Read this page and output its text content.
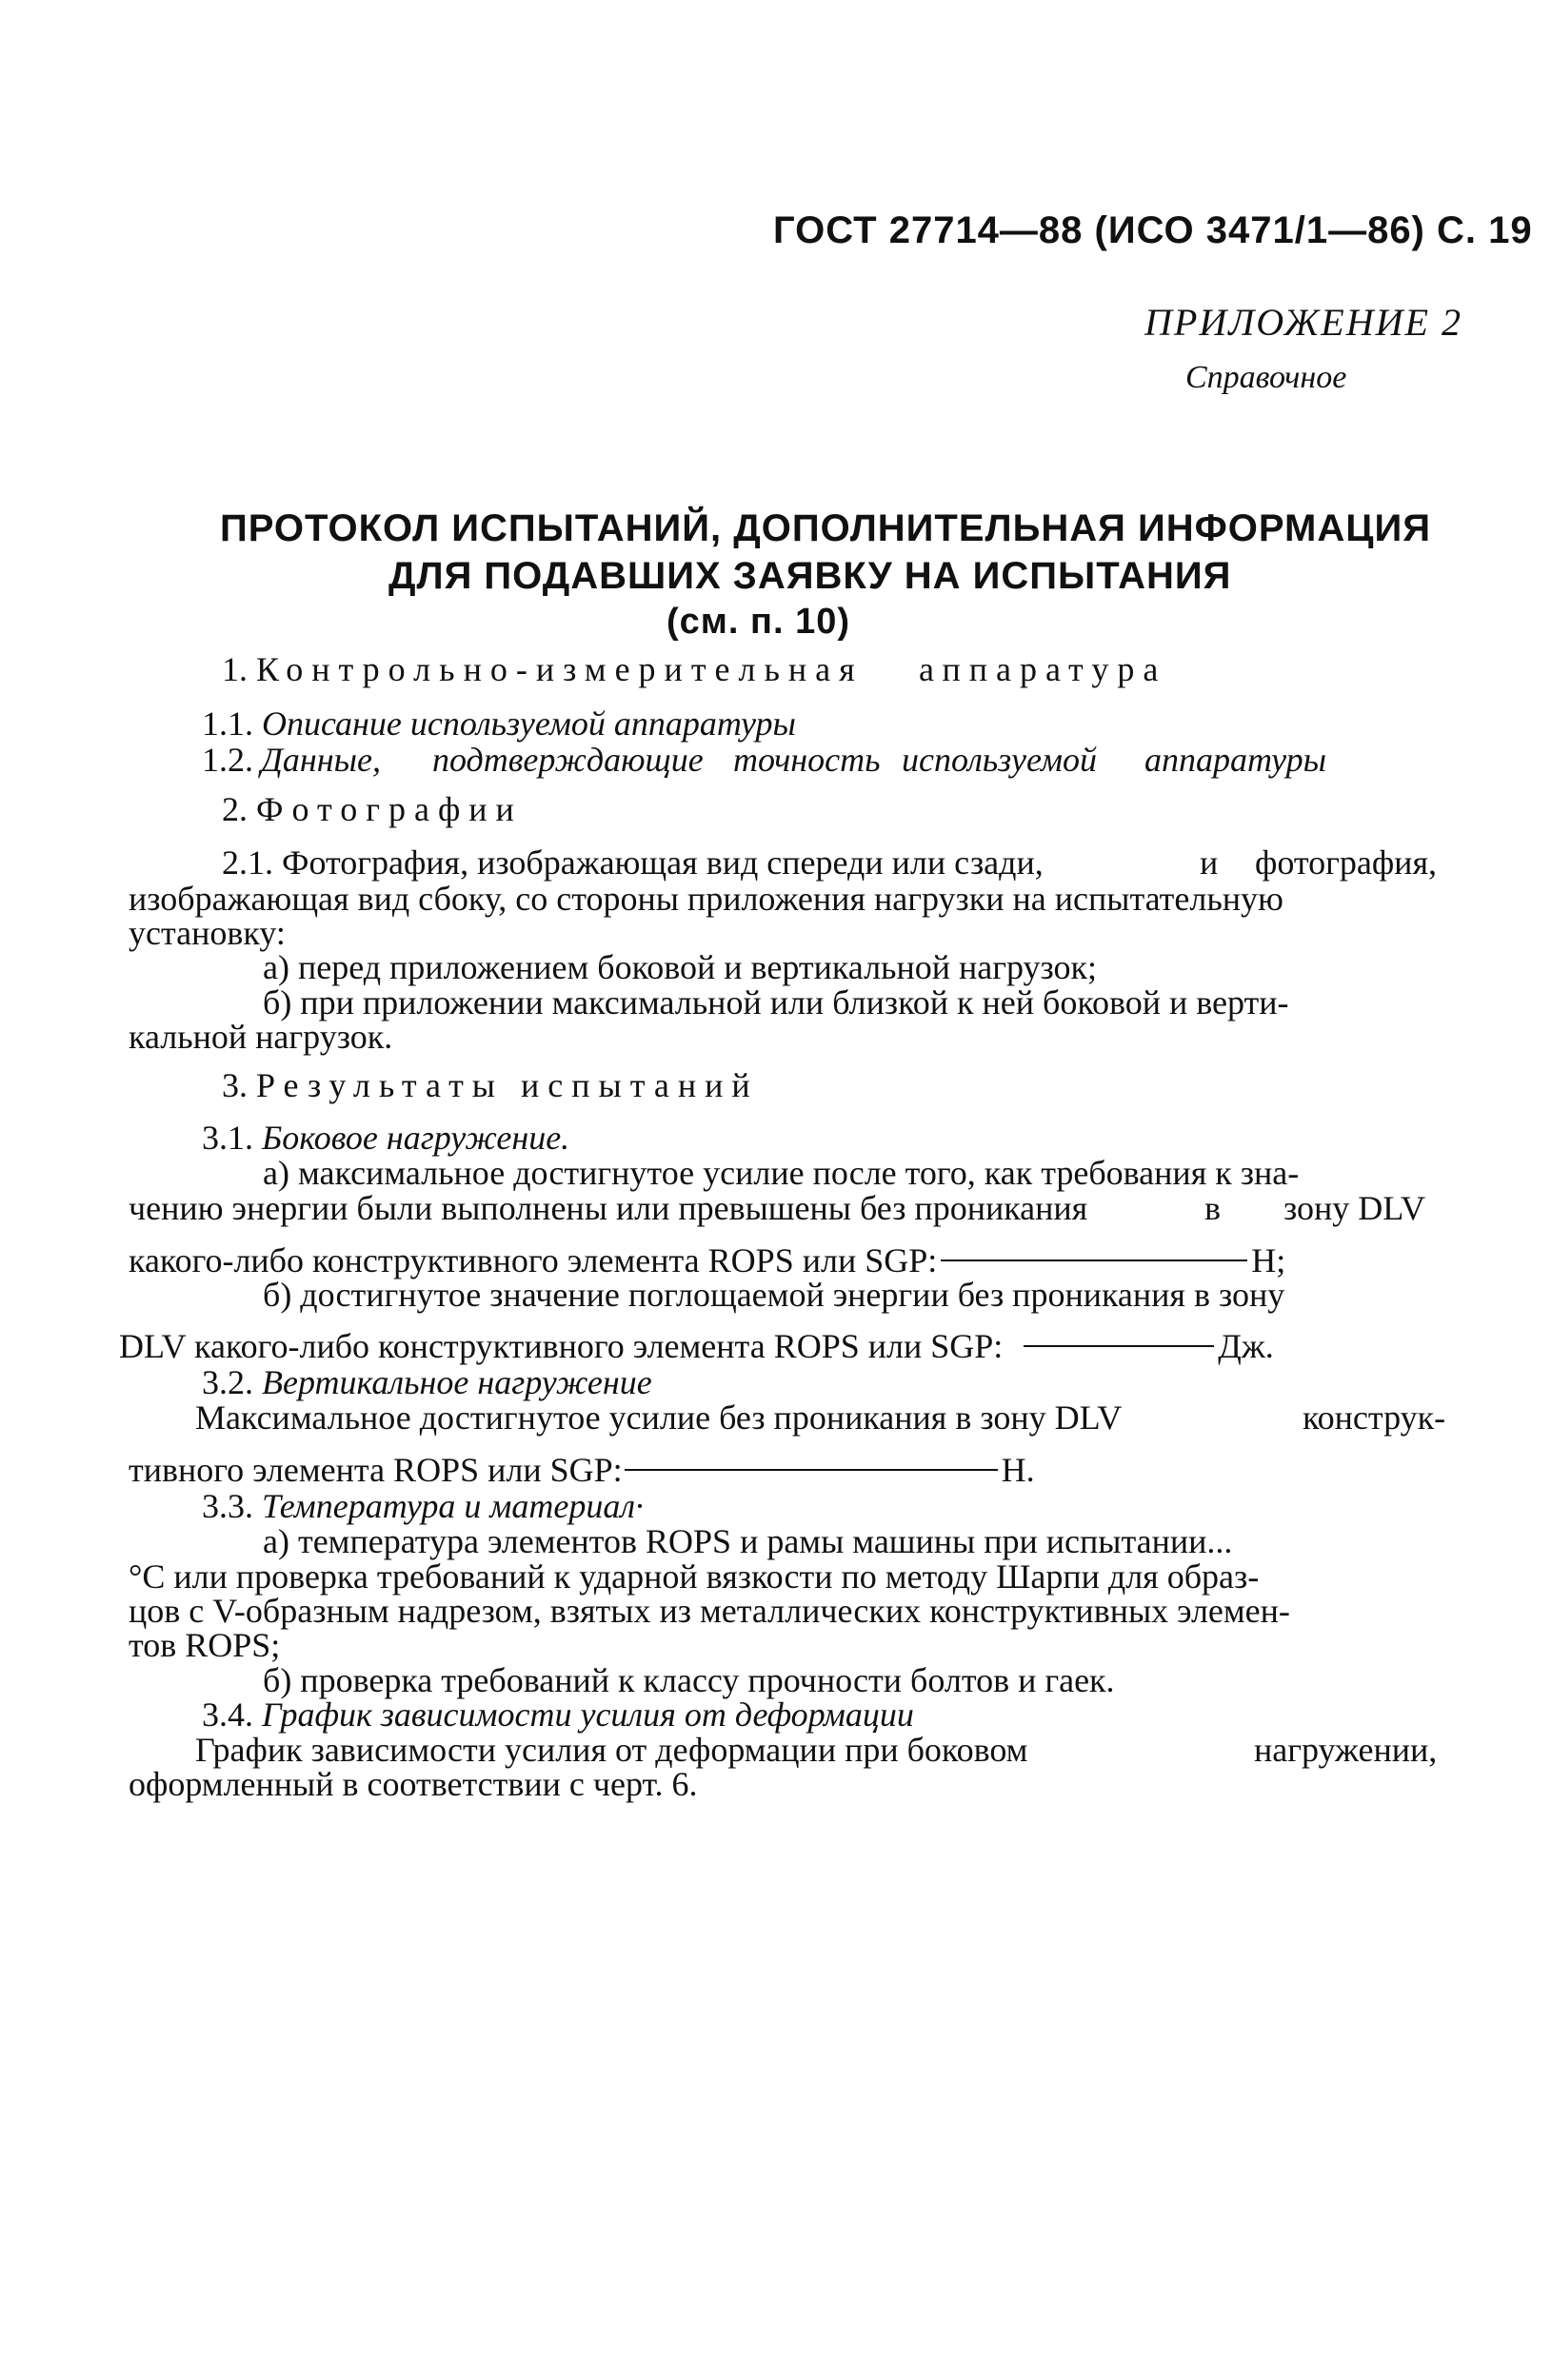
ГОСТ 27714—88 (ИСО 3471/1—86) С. 19
ПРИЛОЖЕНИЕ 2
Справочное
ПРОТОКОЛ ИСПЫТАНИЙ, ДОПОЛНИТЕЛЬНАЯ ИНФОРМАЦИЯ
ДЛЯ ПОДАВШИХ ЗАЯВКУ НА ИСПЫТАНИЯ
(см. п. 10)
1. Контрольно-измерительная аппаратура
1.1. Описание используемой аппаратуры
1.2. Данные, подтверждающие точность используемой аппаратуры
2. Фотографии
2.1. Фотография, изображающая вид спереди или сзади,	и фотография,
изображающая вид сбоку, со стороны приложения нагрузки на испытательную
установку:
а) перед приложением боковой и вертикальной нагрузок;
б) при приложении максимальной или близкой к ней боковой и верти-
кальной нагрузок.
3. Результаты испытаний
3.1. Боковое нагружение.
а) максимальное достигнутое усилие после того, как требования к зна-
чению энергии были выполнены или превышены без проникания	в зону DLV
какого-либо конструктивного элемента ROPS или SGP:	Н;
б) достигнутое значение поглощаемой энергии без проникания в зону
DLV какого-либо конструктивного элемента ROPS или SGP:	Дж.
3.2. Вертикальное нагружение
Максимальное достигнутое усилие без проникания в зону DLV	конструк-
тивного элемента ROPS или SGP:	Н.
3.3. Температура и материал·
а) температура элементов ROPS и рамы машины при испытании...
°С или проверка требований к ударной вязкости по методу Шарпи для образ-
цов с V-образным надрезом, взятых из металлических конструктивных элемен-
тов ROPS;
б) проверка требований к классу прочности болтов и гаек.
3.4. График зависимости усилия от деформации
График зависимости усилия от деформации при боковом	нагружении,
оформленный в соответствии с черт. 6.
